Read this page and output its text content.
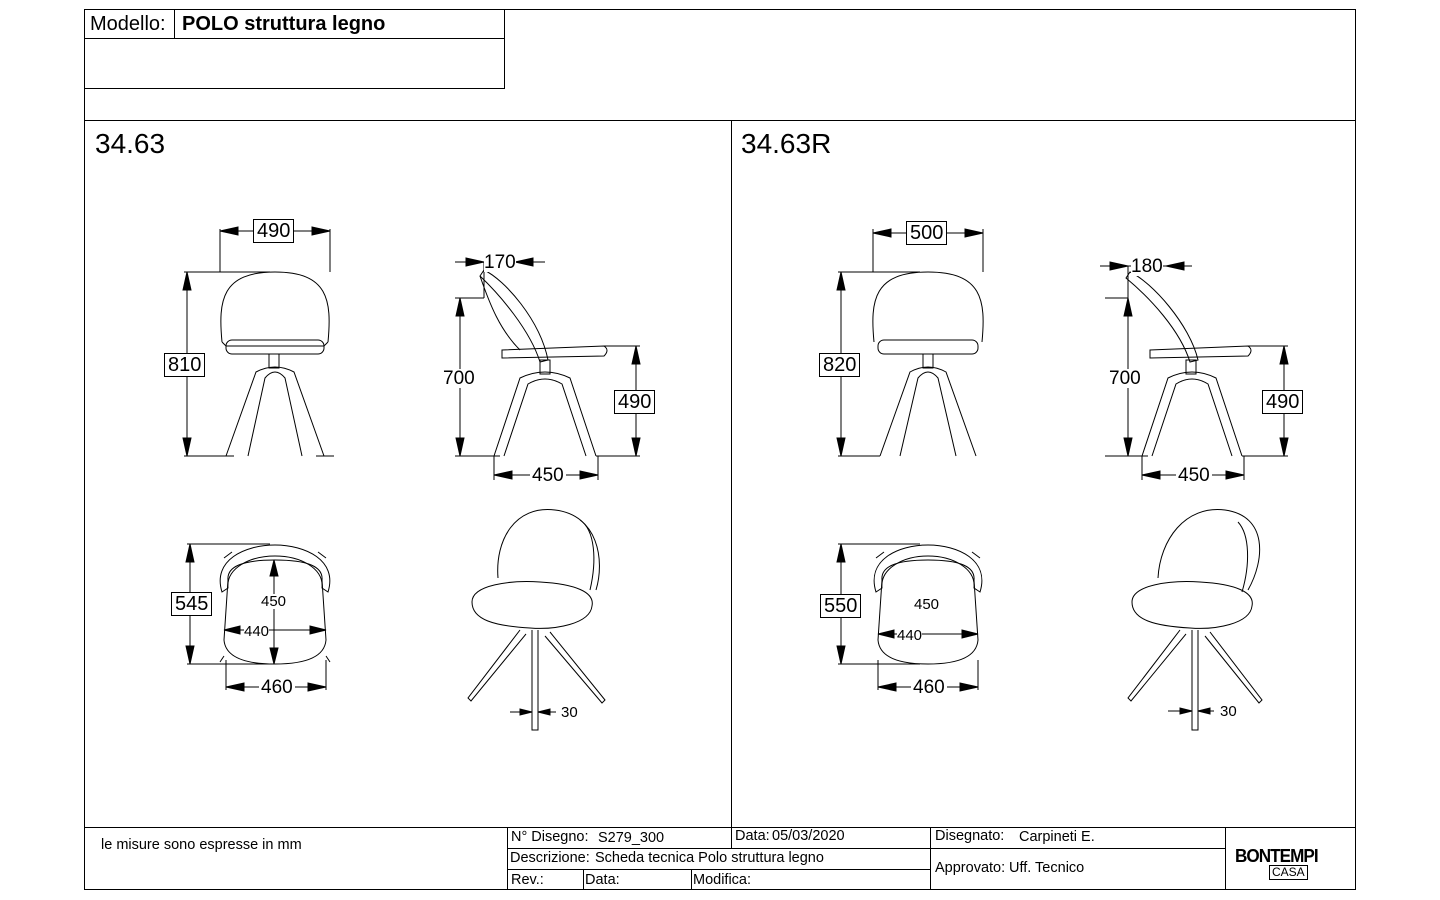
Modello: POLO struttura legno
34.63
490
810
170
700
490
450
545	450
440
460
30
34.63R
500
820
180
700
490
450
550	450
440
460
30
le misure sono espresse in mm	N° Disegno: S279_300	Data: 05/03/2020	Disegnato: Carpineti E.
Descrizione: Scheda tecnica Polo struttura legno
Approvato: Uff. Tecnico
Rev.:	Data:	Modifica:
BONTEMPI
CASA
